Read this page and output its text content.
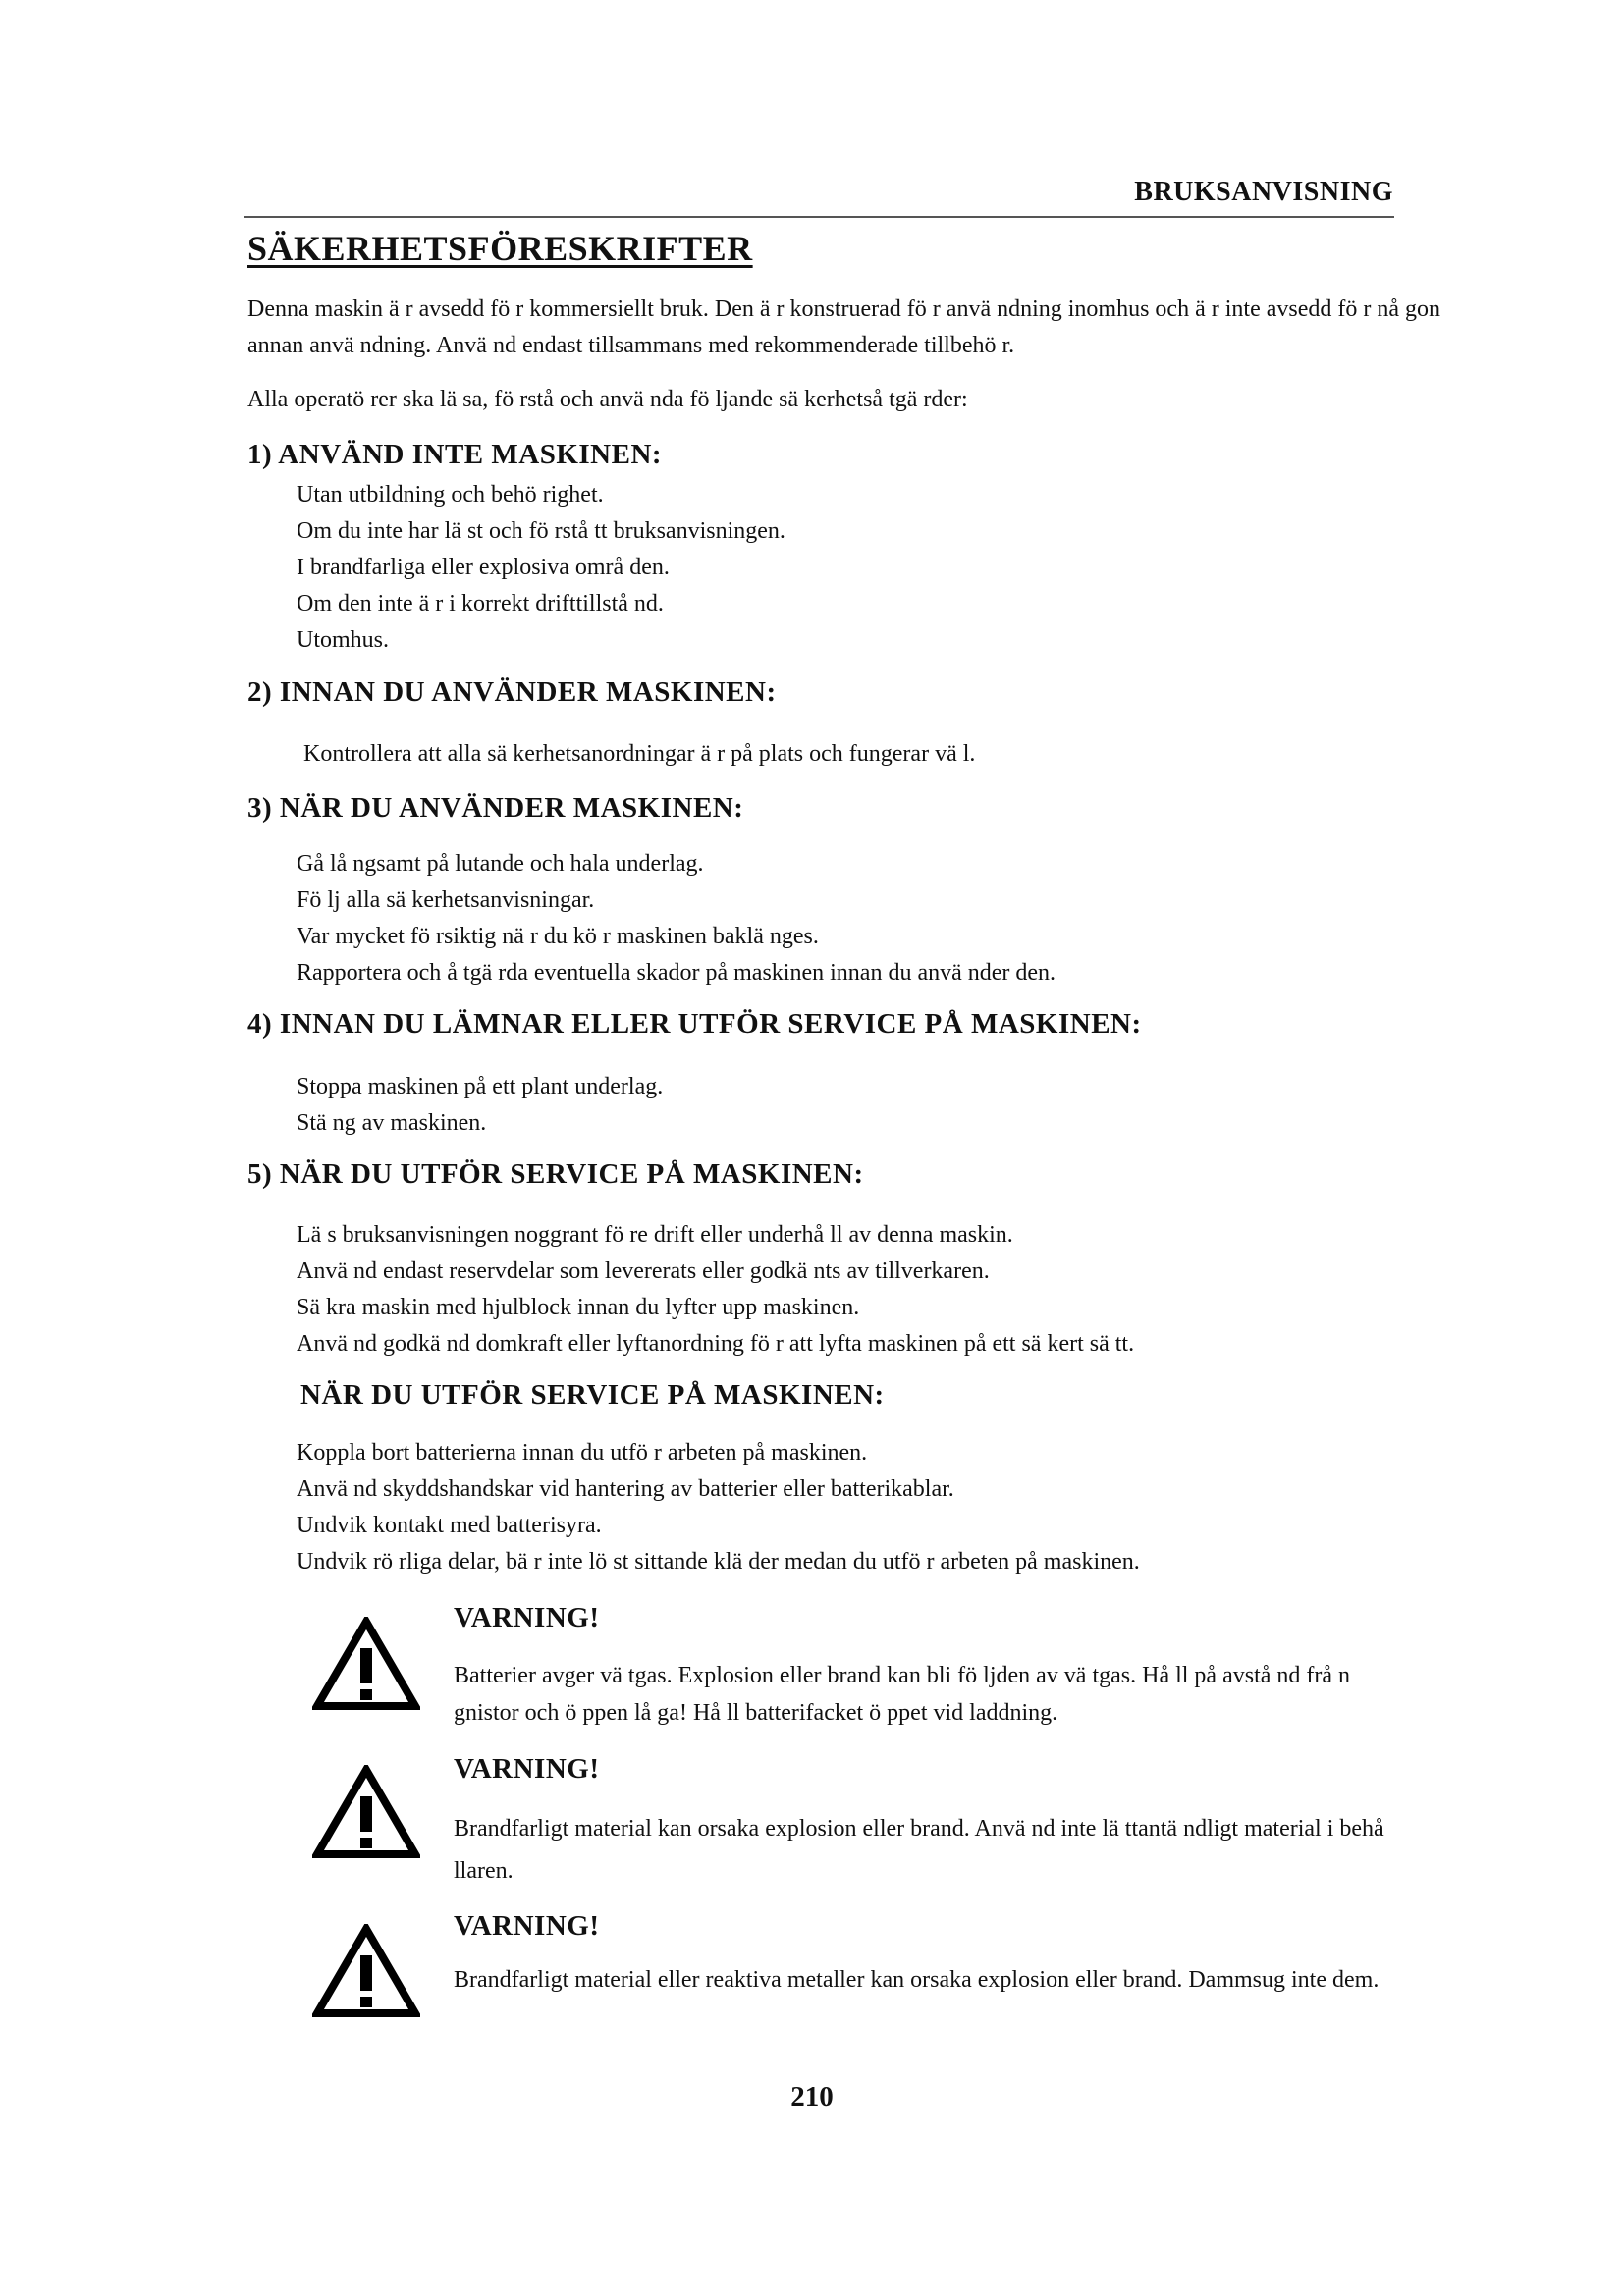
BRUKSANVISNING
SÄKERHETSFÖRESKRIFTER

Denna maskin ä r avsedd fö r kommersiellt bruk. Den ä r konstruerad fö r anvä ndning inomhus och ä r inte avsedd fö r nå gon annan anvä ndning. Anvä nd endast tillsammans med rekommenderade tillbehö r.

Alla operatö rer ska lä sa, fö rstå och anvä nda fö ljande sä kerhetså tgä rder:

1) ANVÄND INTE MASKINEN:
Utan utbildning och behö righet.
Om du inte har lä st och fö rstå tt bruksanvisningen.
I brandfarliga eller explosiva områ den.
Om den inte ä r i korrekt drifttillstå nd.
Utomhus.
2) INNAN DU ANVÄNDER MASKINEN:
Kontrollera att alla sä kerhetsanordningar ä r på plats och fungerar vä l.
3) NÄR DU ANVÄNDER MASKINEN:
Gå lå ngsamt på lutande och hala underlag.
Fö lj alla sä kerhetsanvisningar.
Var mycket fö rsiktig nä r du kö r maskinen baklä nges.
Rapportera och å tgä rda eventuella skador på maskinen innan du anvä nder den.
4) INNAN DU LÄMNAR ELLER UTFÖR SERVICE PÅ MASKINEN:
Stoppa maskinen på ett plant underlag.
Stä ng av maskinen.
5) NÄR DU UTFÖR SERVICE PÅ MASKINEN:
Lä s bruksanvisningen noggrant fö re drift eller underhå ll av denna maskin.
Anvä nd endast reservdelar som levererats eller godkä nts av tillverkaren.
Sä kra maskin med hjulblock innan du lyfter upp maskinen.
Anvä nd godkä nd domkraft eller lyftanordning fö r att lyfta maskinen på ett sä kert sä tt.
NÄR DU UTFÖR SERVICE PÅ MASKINEN:
Koppla bort batterierna innan du utfö r arbeten på maskinen.
Anvä nd skyddshandskar vid hantering av batterier eller batterikablar.
Undvik kontakt med batterisyra.
Undvik rö rliga delar, bä r inte lö st sittande klä der medan du utfö r arbeten på maskinen.
VARNING!

Batterier avger vä tgas. Explosion eller brand kan bli fö ljden av vä tgas. Hå ll på avstå nd frå n gnistor och ö ppen lå ga! Hå ll batterifacket ö ppet vid laddning.

VARNING!

Brandfarligt material kan orsaka explosion eller brand. Anvä nd inte lä ttantä ndligt material i behå llaren.

VARNING!

Brandfarligt material eller reaktiva metaller kan orsaka explosion eller brand. Dammsug inte dem.

210
